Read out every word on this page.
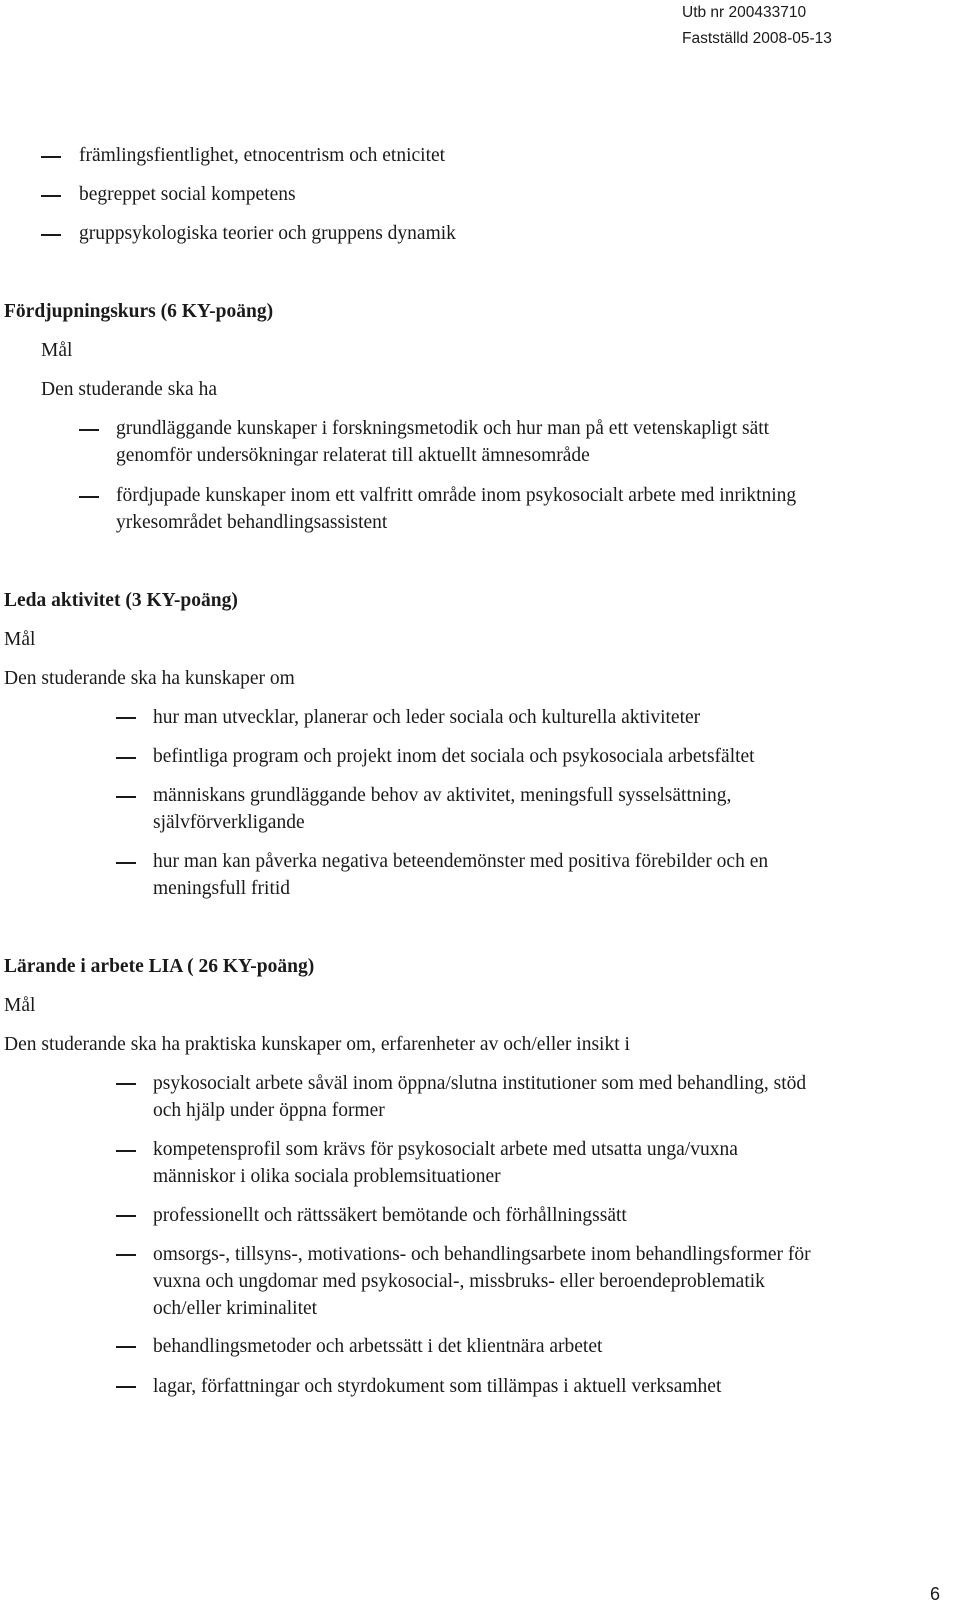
Utb nr 200433710
Fastställd 2008-05-13
främlingsfientlighet, etnocentrism och etnicitet
begreppet social kompetens
gruppsykologiska teorier och gruppens dynamik
Fördjupningskurs (6 KY-poäng)
Mål
Den studerande ska ha
grundläggande kunskaper i forskningsmetodik och hur man på ett vetenskapligt sätt
genomför undersökningar relaterat till aktuellt ämnesområde
fördjupade kunskaper inom ett valfritt område inom psykosocialt arbete med inriktning
yrkesområdet behandlingsassistent
Leda aktivitet (3 KY-poäng)
Mål
Den studerande ska ha kunskaper om
hur man utvecklar, planerar och leder sociala och kulturella aktiviteter
befintliga program och projekt inom det sociala och psykosociala arbetsfältet
människans grundläggande behov av aktivitet, meningsfull sysselsättning,
självförverkligande
hur man kan påverka negativa beteendemönster med positiva förebilder och en
meningsfull fritid
Lärande i arbete LIA ( 26 KY-poäng)
Mål
Den studerande ska ha praktiska kunskaper om, erfarenheter av och/eller insikt i
psykosocialt arbete såväl inom öppna/slutna institutioner som med behandling, stöd
och hjälp under öppna former
kompetensprofil som krävs för psykosocialt arbete med utsatta unga/vuxna
människor i olika sociala problemsituationer
professionellt och rättssäkert bemötande och förhållningssätt
omsorgs-, tillsyns-, motivations- och behandlingsarbete inom behandlingsformer för
vuxna och ungdomar med psykosocial-, missbruks- eller beroendeproblematik
och/eller kriminalitet
behandlingsmetoder och arbetssätt i det klientnära arbetet
lagar, författningar och styrdokument som tillämpas i aktuell verksamhet
6
